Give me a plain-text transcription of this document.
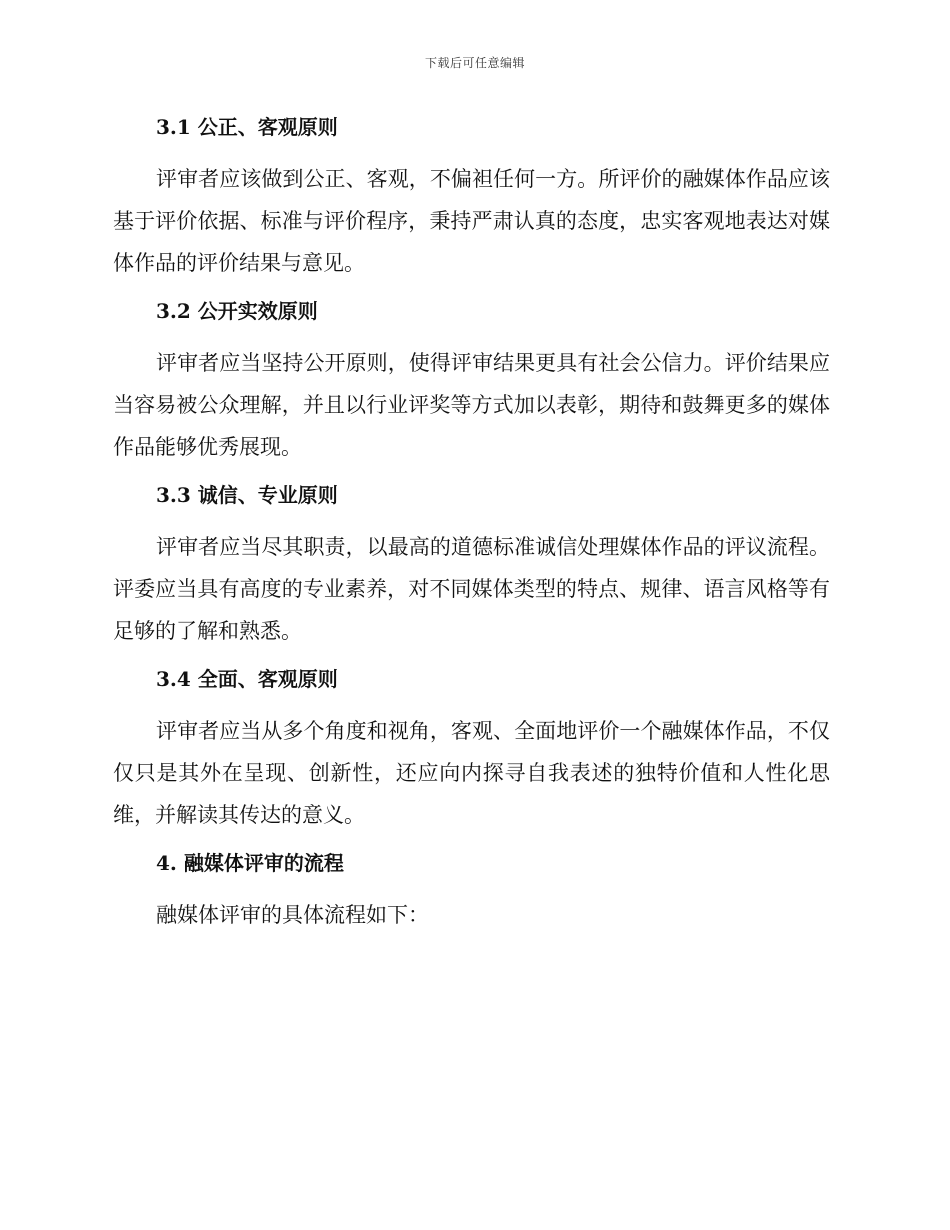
下载后可任意编辑
3.1 公正、客观原则

评审者应该做到公正、客观，不偏袒任何一方。所评价的融媒体作品应该基于评价依据、标准与评价程序，秉持严肃认真的态度，忠实客观地表达对媒体作品的评价结果与意见。

3.2 公开实效原则

评审者应当坚持公开原则，使得评审结果更具有社会公信力。评价结果应当容易被公众理解，并且以行业评奖等方式加以表彰，期待和鼓舞更多的媒体作品能够优秀展现。

3.3 诚信、专业原则

评审者应当尽其职责，以最高的道德标准诚信处理媒体作品的评议流程。评委应当具有高度的专业素养，对不同媒体类型的特点、规律、语言风格等有足够的了解和熟悉。

3.4 全面、客观原则

评审者应当从多个角度和视角，客观、全面地评价一个融媒体作品，不仅仅只是其外在呈现、创新性，还应向内探寻自我表述的独特价值和人性化思维，并解读其传达的意义。

4. 融媒体评审的流程

融媒体评审的具体流程如下：
